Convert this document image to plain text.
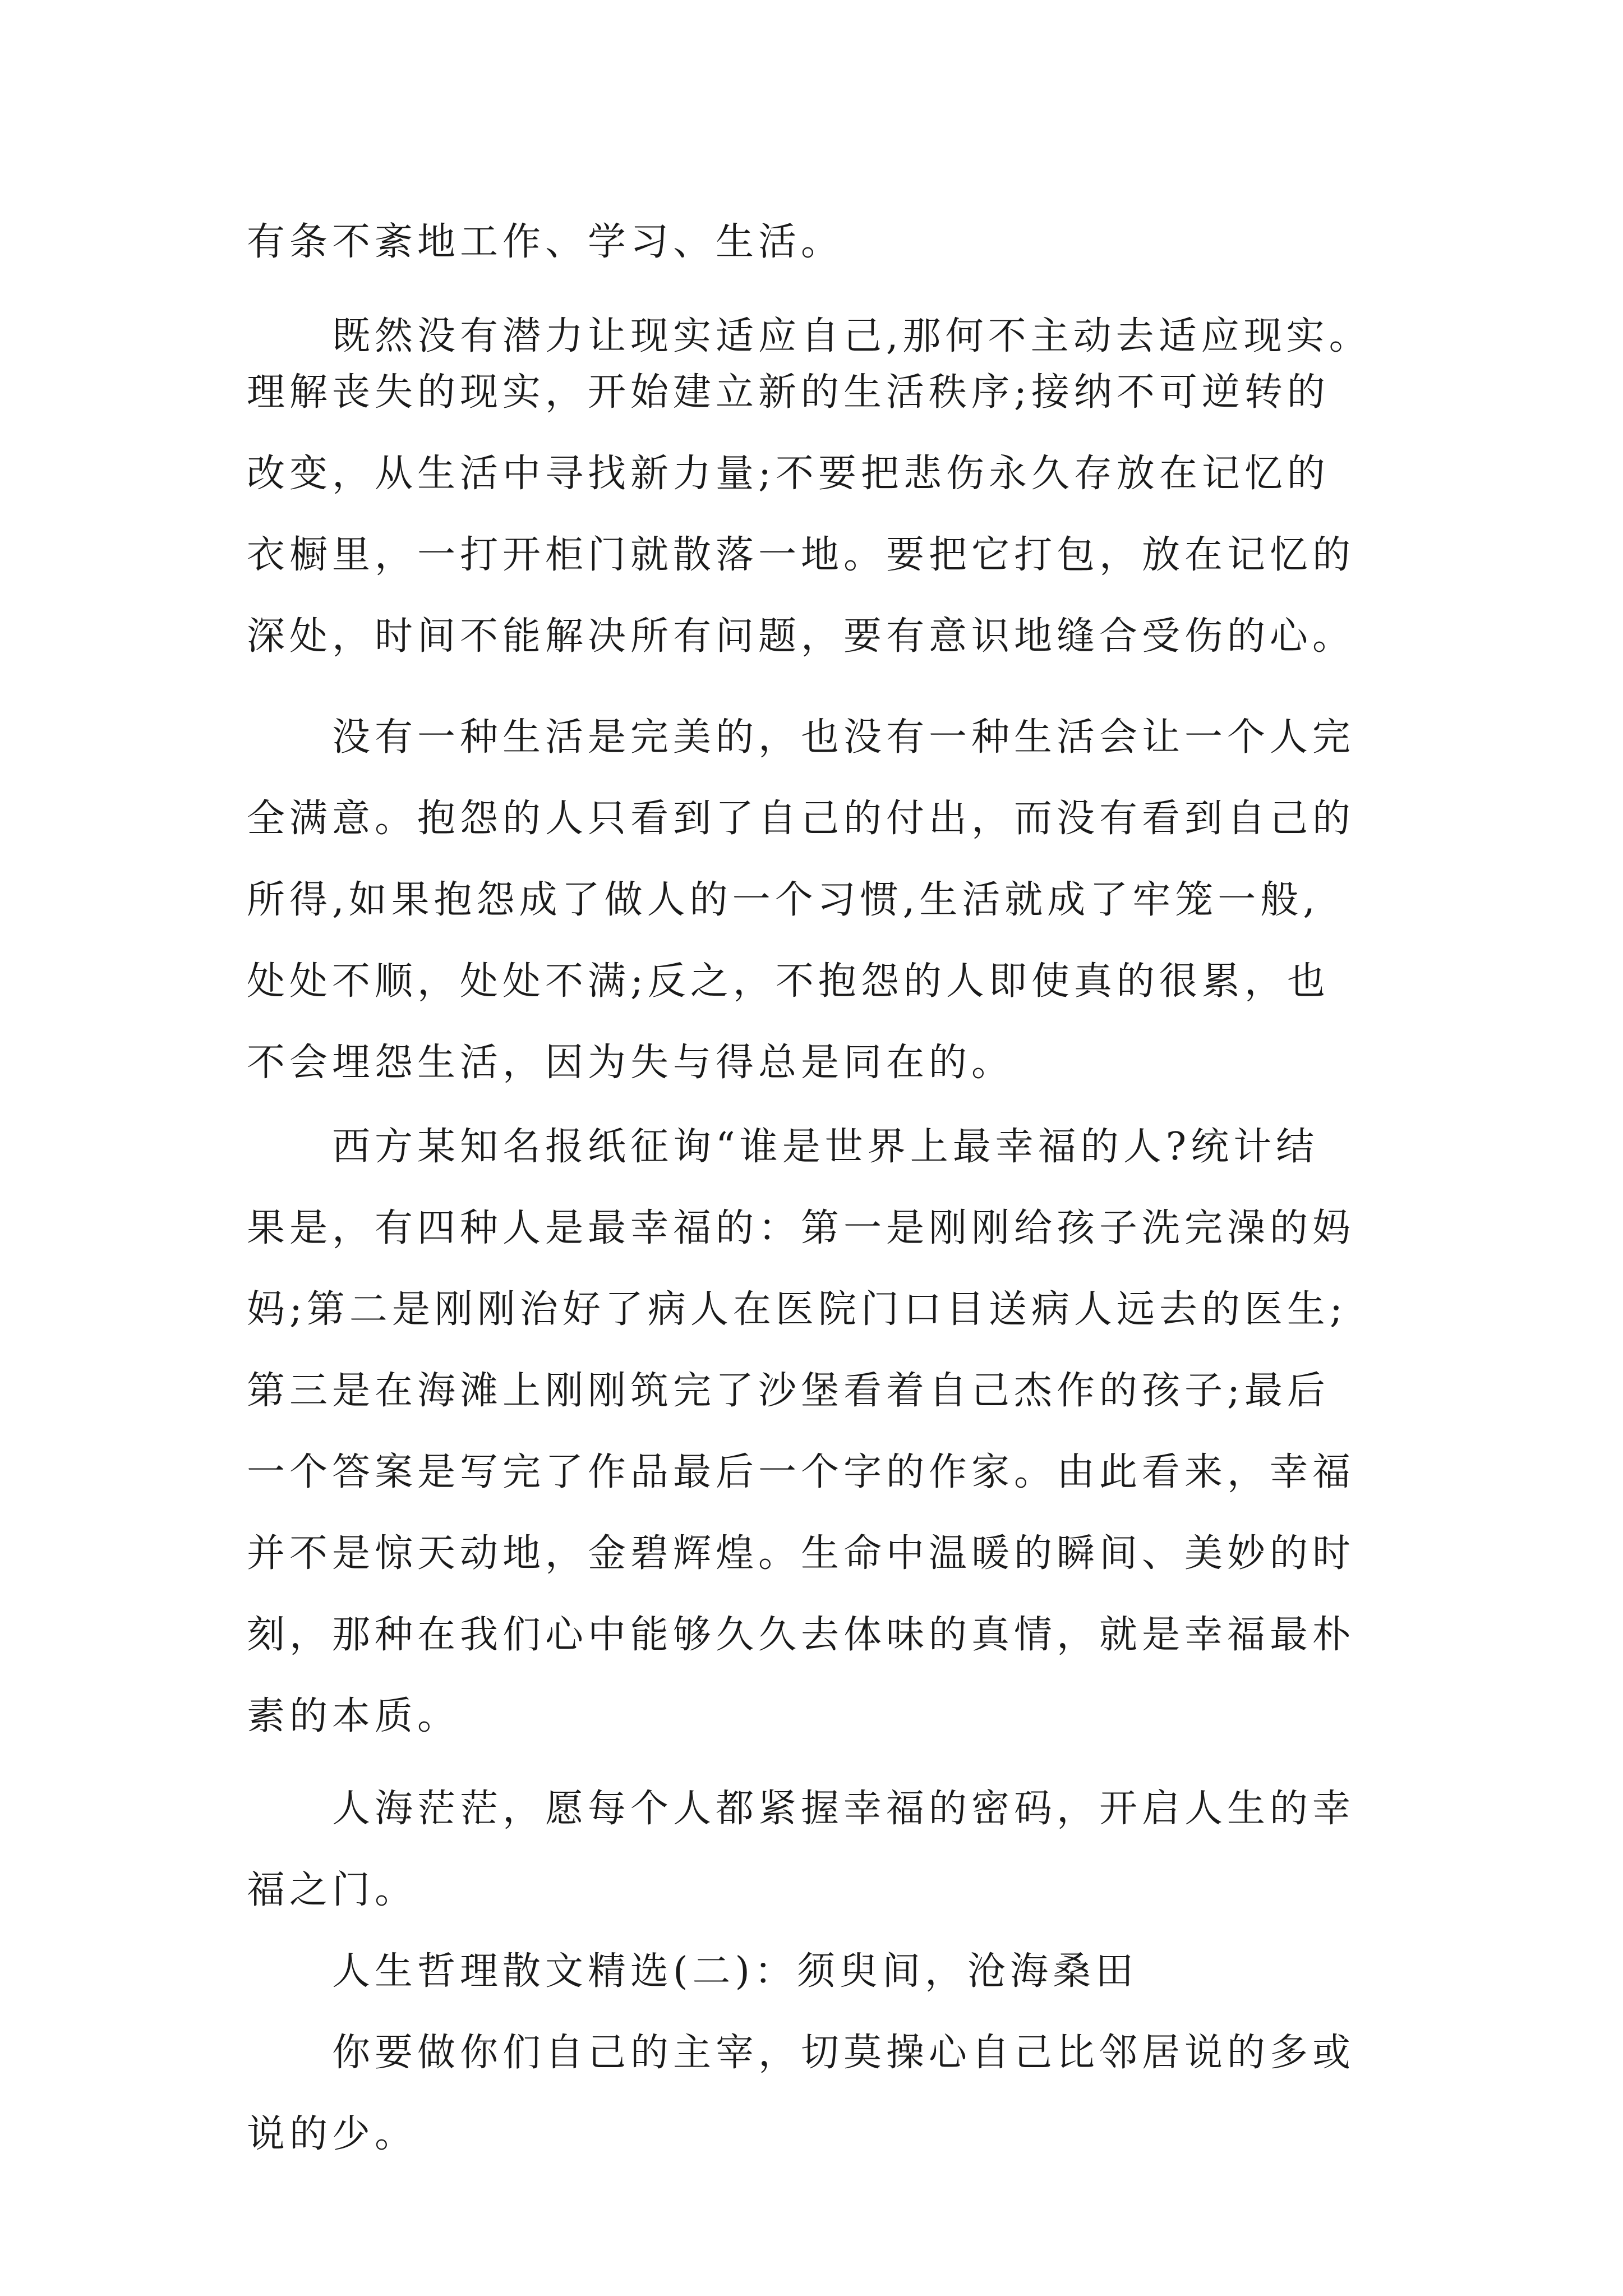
有条不紊地工作、学习、生活。
既然没有潜力让现实适应自己,那何不主动去适应现实。
理解丧失的现实，开始建立新的生活秩序;接纳不可逆转的
改变，从生活中寻找新力量;不要把悲伤永久存放在记忆的
衣橱里，一打开柜门就散落一地。要把它打包，放在记忆的
深处，时间不能解决所有问题，要有意识地缝合受伤的心。
没有一种生活是完美的，也没有一种生活会让一个人完
全满意。抱怨的人只看到了自己的付出，而没有看到自己的
所得,如果抱怨成了做人的一个习惯,生活就成了牢笼一般,
处处不顺，处处不满;反之，不抱怨的人即使真的很累，也
不会埋怨生活，因为失与得总是同在的。
西方某知名报纸征询“谁是世界上最幸福的人?统计结
果是，有四种人是最幸福的：第一是刚刚给孩子洗完澡的妈
妈;第二是刚刚治好了病人在医院门口目送病人远去的医生;
第三是在海滩上刚刚筑完了沙堡看着自己杰作的孩子;最后
一个答案是写完了作品最后一个字的作家。由此看来，幸福
并不是惊天动地，金碧辉煌。生命中温暖的瞬间、美妙的时
刻，那种在我们心中能够久久去体味的真情，就是幸福最朴
素的本质。
人海茫茫，愿每个人都紧握幸福的密码，开启人生的幸
福之门。
人生哲理散文精选(二)：须臾间，沧海桑田
你要做你们自己的主宰，切莫操心自己比邻居说的多或
说的少。
